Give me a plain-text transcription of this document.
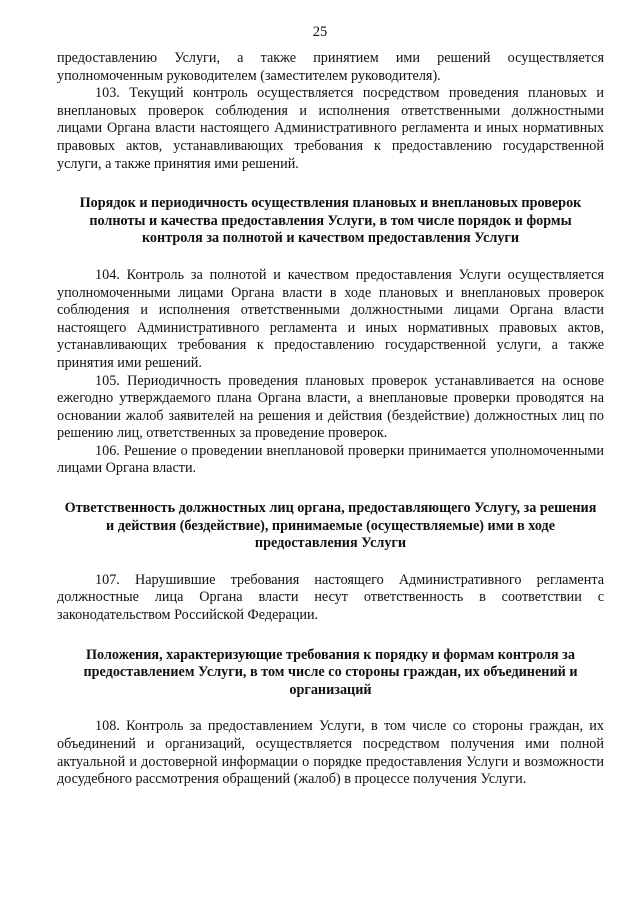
25

предоставлению Услуги, а также принятием ими решений осуществляется уполномоченным руководителем (заместителем руководителя).

103. Текущий контроль осуществляется посредством проведения плановых и внеплановых проверок соблюдения и исполнения ответственными должностными лицами Органа власти настоящего Административного регламента и иных нормативных правовых актов, устанавливающих требования к предоставлению государственной услуги, а также принятия ими решений.

Порядок и периодичность осуществления плановых и внеплановых проверок полноты и качества предоставления Услуги, в том числе порядок и формы контроля за полнотой и качеством предоставления Услуги

104. Контроль за полнотой и качеством предоставления Услуги осуществляется уполномоченными лицами Органа власти в ходе плановых и внеплановых проверок соблюдения и исполнения ответственными должностными лицами Органа власти настоящего Административного регламента и иных нормативных правовых актов, устанавливающих требования к предоставлению государственной услуги, а также принятия ими решений.

105. Периодичность проведения плановых проверок устанавливается на основе ежегодно утверждаемого плана Органа власти, а внеплановые проверки проводятся на основании жалоб заявителей на решения и действия (бездействие) должностных лиц по решению лиц, ответственных за проведение проверок.

106. Решение о проведении внеплановой проверки принимается уполномоченными лицами Органа власти.

Ответственность должностных лиц органа, предоставляющего Услугу, за решения и действия (бездействие), принимаемые (осуществляемые) ими в ходе предоставления Услуги

107. Нарушившие требования настоящего Административного регламента должностные лица Органа власти несут ответственность в соответствии с законодательством Российской Федерации.

Положения, характеризующие требования к порядку и формам контроля за предоставлением Услуги, в том числе со стороны граждан, их объединений и организаций

108. Контроль за предоставлением Услуги, в том числе со стороны граждан, их объединений и организаций, осуществляется посредством получения ими полной актуальной и достоверной информации о порядке предоставления Услуги и возможности досудебного рассмотрения обращений (жалоб) в процессе получения Услуги.
